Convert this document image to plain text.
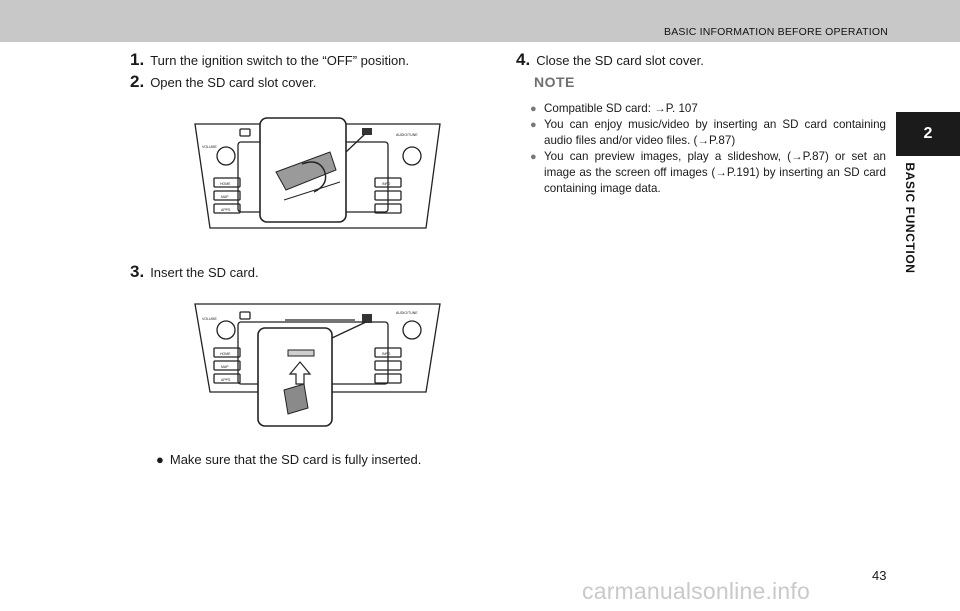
BASIC INFORMATION BEFORE OPERATION
2
BASIC FUNCTION
1. Turn the ignition switch to the “OFF” position.
2. Open the SD card slot cover.
VOLUME
AUDIO/TUNE
HOME
MAP
APPS
INFO
3. Insert the SD card.
VOLUME
AUDIO/TUNE
HOME
MAP
APPS
INFO
● Make sure that the SD card is fully inserted.
4. Close the SD card slot cover.
NOTE
● Compatible SD card: →P. 107
● You can enjoy music/video by inserting an SD card containing audio files and/or video files. (→P.87)
● You can preview images, play a slideshow, (→P.87) or set an image as the screen off images (→P.191) by inserting an SD card containing image data.
43
carmanualsonline.info
